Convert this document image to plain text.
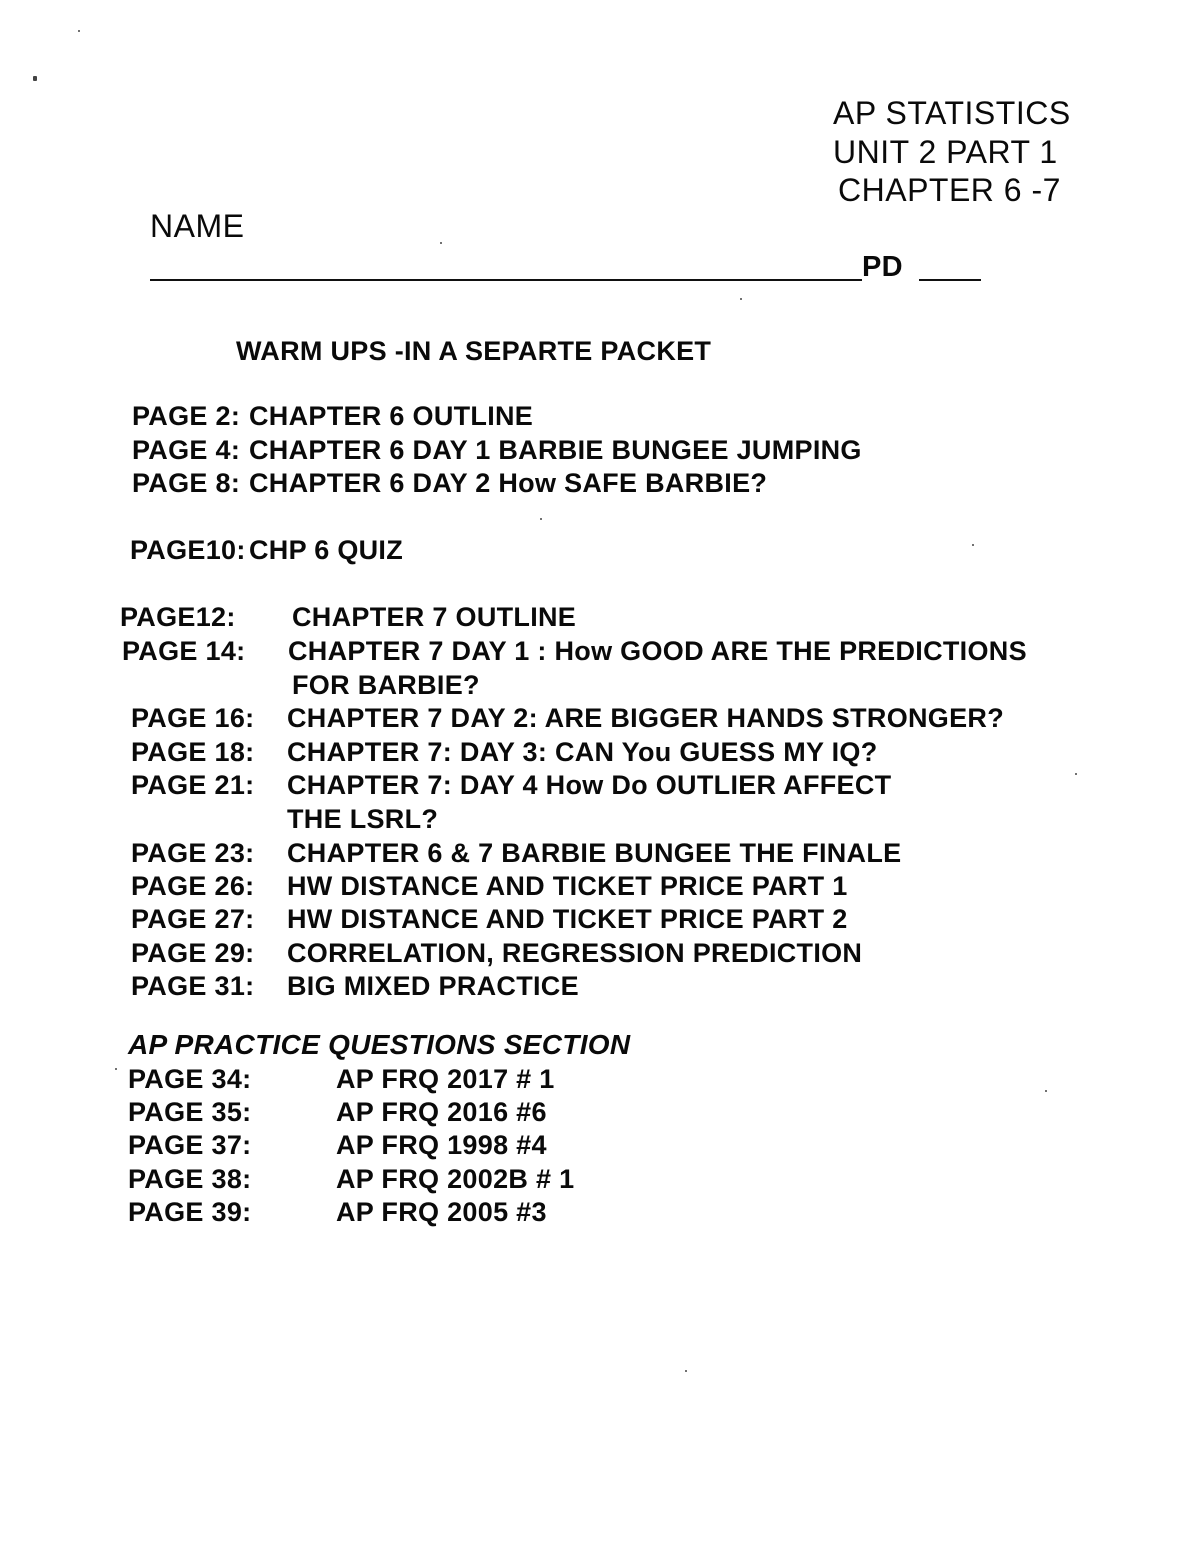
AP STATISTICS
UNIT 2 PART 1
CHAPTER 6 -7
NAME
PD
WARM UPS -IN A SEPARTE PACKET
PAGE 2: CHAPTER 6 OUTLINE
PAGE 4: CHAPTER 6 DAY 1 BARBIE BUNGEE JUMPING
PAGE 8: CHAPTER 6 DAY 2 How SAFE BARBIE?
PAGE10: CHP 6 QUIZ
PAGE12: CHAPTER 7 OUTLINE
PAGE 14: CHAPTER 7 DAY 1 : How GOOD ARE THE PREDICTIONS
FOR BARBIE?
PAGE 16: CHAPTER 7 DAY 2: ARE BIGGER HANDS STRONGER?
PAGE 18: CHAPTER 7: DAY 3: CAN You GUESS MY IQ?
PAGE 21: CHAPTER 7: DAY 4 How Do OUTLIER AFFECT
THE LSRL?
PAGE 23: CHAPTER 6 & 7 BARBIE BUNGEE THE FINALE
PAGE 26: HW DISTANCE AND TICKET PRICE PART 1
PAGE 27: HW DISTANCE AND TICKET PRICE PART 2
PAGE 29: CORRELATION, REGRESSION PREDICTION
PAGE 31: BIG MIXED PRACTICE
AP PRACTICE QUESTIONS SECTION
PAGE 34:	AP FRQ 2017 # 1
PAGE 35:	AP FRQ 2016 #6
PAGE 37:	AP FRQ 1998 #4
PAGE 38:	AP FRQ 2002B # 1
PAGE 39:	AP FRQ 2005 #3
